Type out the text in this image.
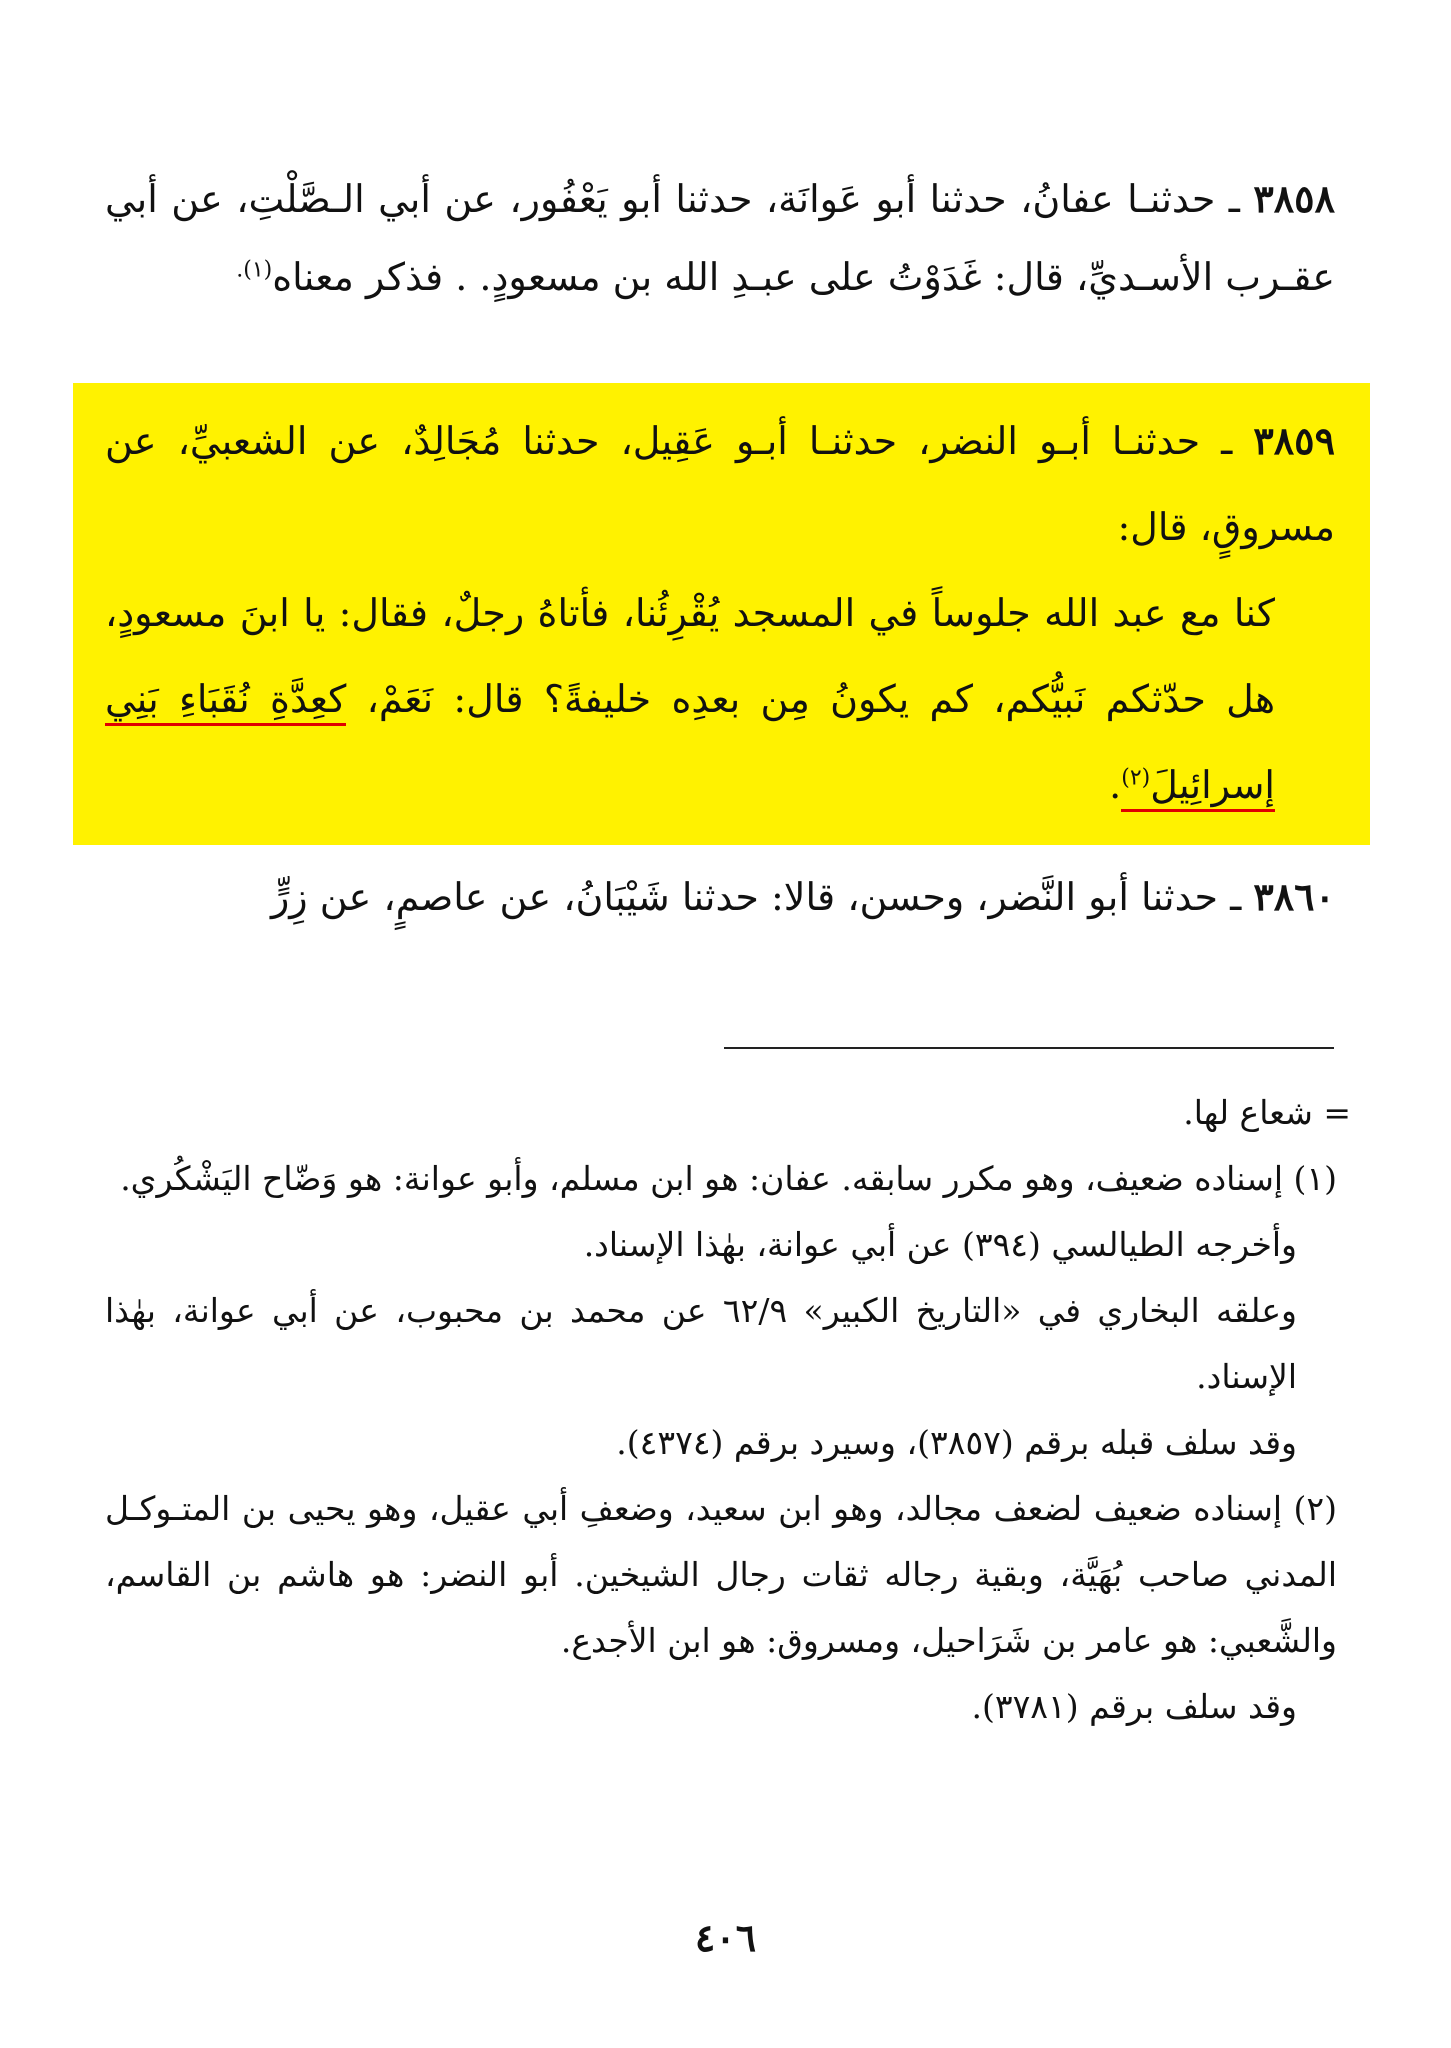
٣٨٥٨ ـ حدثنـا عفانُ، حدثنا أبو عَوانَة، حدثنا أبو يَعْفُور، عن أبي الـصَّلْتِ، عن أبي عقـرب الأسـديِّ، قال: غَدَوْتُ على عبـدِ الله بن مسعودٍ. . فذكر معناه$^{(١).}$

٣٨٥٩ ـ حدثنـا أبـو النضر، حدثنـا أبـو عَقِيل، حدثنا مُجَالِدٌ، عن الشعبيِّ، عن مسروقٍ، قال:

كنا مع عبد الله جلوساً في المسجد يُقْرِئُنا، فأتاهُ رجلٌ، فقال: يا ابنَ مسعودٍ، هل حدّثكم نَبيُّكم، كم يكونُ مِن بعدِه خليفةً؟ قال: نَعَمْ، كعِدَّةِ نُقَبَاءِ بَنِي إسرائِيلَ$^{(٢)}$.

٣٨٦٠ ـ حدثنا أبو النَّضر، وحسن، قالا: حدثنا شَيْبَانُ، عن عاصمٍ، عن زِرٍّ

= شعاع لها.

(١) إسناده ضعيف، وهو مكرر سابقه. عفان: هو ابن مسلم، وأبو عوانة: هو وَضّاح اليَشْكُري.

وأخرجه الطيالسي (٣٩٤) عن أبي عوانة، بهٰذا الإسناد.

وعلقه البخاري في «التاريخ الكبير» ٦٢/٩ عن محمد بن محبوب، عن أبي عوانة، بهٰذا الإسناد.

وقد سلف قبله برقم (٣٨٥٧)، وسيرد برقم (٤٣٧٤).

(٢) إسناده ضعيف لضعف مجالد، وهو ابن سعيد، وضعفِ أبي عقيل، وهو يحيى بن المتـوكـل المدني صاحب بُهَيَّة، وبقية رجاله ثقات رجال الشيخين. أبو النضر: هو هاشم بن القاسم، والشَّعبي: هو عامر بن شَرَاحيل، ومسروق: هو ابن الأجدع.

وقد سلف برقم (٣٧٨١).

٤٠٦
